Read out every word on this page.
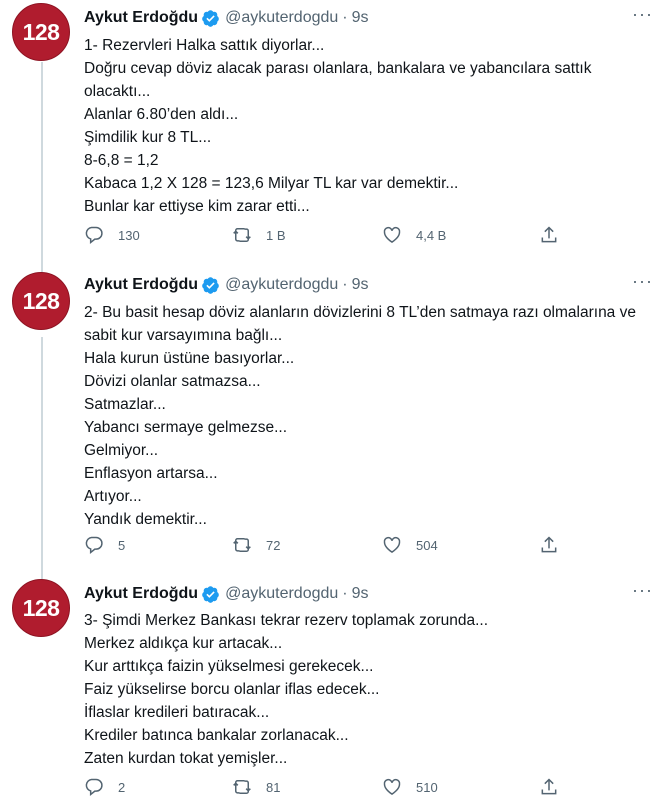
128
Aykut Erdoğdu @aykuterdogdu · 9s	···
1- Rezervleri Halka sattık diyorlar...
Doğru cevap döviz alacak parası olanlara, bankalara ve yabancılara sattık olacaktı...
Alanlar 6.80’den aldı...
Şimdilik kur 8 TL...
8-6,8 = 1,2
Kabaca 1,2 X 128 = 123,6 Milyar TL kar var demektir...
Bunlar kar ettiyse kim zarar etti...
130	1 B	4,4 B
128
Aykut Erdoğdu @aykuterdogdu · 9s	···
2- Bu basit hesap döviz alanların dövizlerini 8 TL’den satmaya razı olmalarına ve sabit kur varsayımına bağlı...
Hala kurun üstüne basıyorlar...
Dövizi olanlar satmazsa...
Satmazlar...
Yabancı sermaye gelmezse...
Gelmiyor...
Enflasyon artarsa...
Artıyor...
Yandık demektir...
5	72	504
128
Aykut Erdoğdu @aykuterdogdu · 9s	···
3- Şimdi Merkez Bankası tekrar rezerv toplamak zorunda...
Merkez aldıkça kur artacak...
Kur arttıkça faizin yükselmesi gerekecek...
Faiz yükselirse borcu olanlar iflas edecek...
İflaslar kredileri batıracak...
Krediler batınca bankalar zorlanacak...
Zaten kurdan tokat yemişler...
2	81	510
